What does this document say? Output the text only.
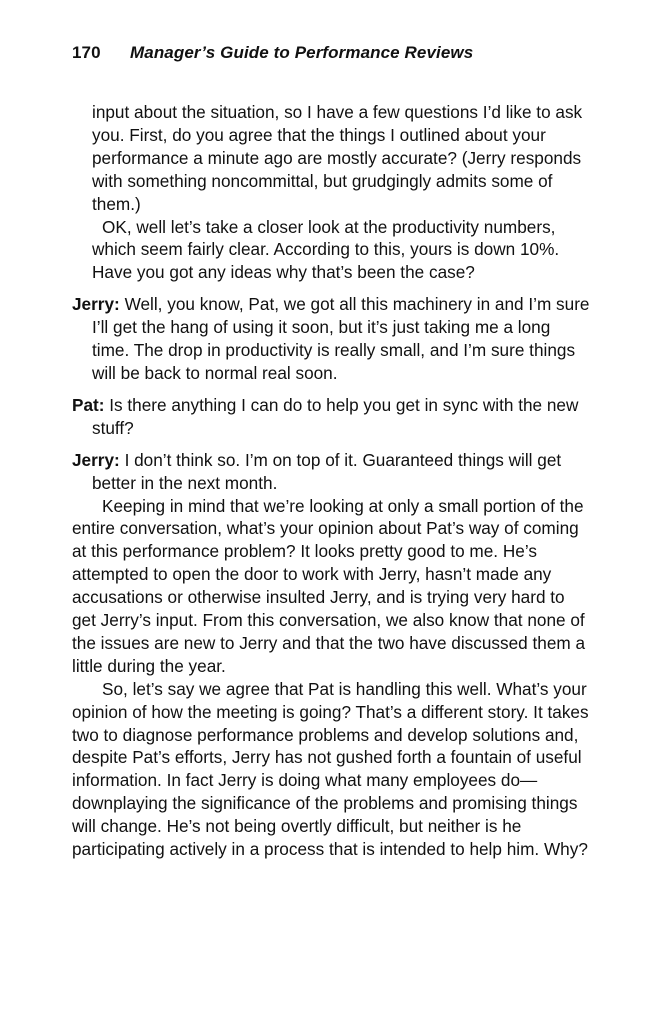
170 Manager’s Guide to Performance Reviews

input about the situation, so I have a few questions I’d like to ask you. First, do you agree that the things I outlined about your performance a minute ago are mostly accurate? (Jerry responds with something noncommittal, but grudgingly admits some of them.)

OK, well let’s take a closer look at the productivity numbers, which seem fairly clear. According to this, yours is down 10%. Have you got any ideas why that’s been the case?

Jerry: Well, you know, Pat, we got all this machinery in and I’m sure I’ll get the hang of using it soon, but it’s just taking me a long time. The drop in productivity is really small, and I’m sure things will be back to normal real soon.

Pat: Is there anything I can do to help you get in sync with the new stuff?

Jerry: I don’t think so. I’m on top of it. Guaranteed things will get better in the next month.

Keeping in mind that we’re looking at only a small portion of the entire conversation, what’s your opinion about Pat’s way of coming at this performance problem? It looks pretty good to me. He’s attempted to open the door to work with Jerry, hasn’t made any accusations or otherwise insulted Jerry, and is trying very hard to get Jerry’s input. From this conversation, we also know that none of the issues are new to Jerry and that the two have discussed them a little during the year.

So, let’s say we agree that Pat is handling this well. What’s your opinion of how the meeting is going? That’s a different story. It takes two to diagnose performance problems and develop solutions and, despite Pat’s efforts, Jerry has not gushed forth a fountain of useful information. In fact Jerry is doing what many employees do—downplaying the significance of the problems and promising things will change. He’s not being overtly difficult, but neither is he participating actively in a process that is intended to help him. Why?
